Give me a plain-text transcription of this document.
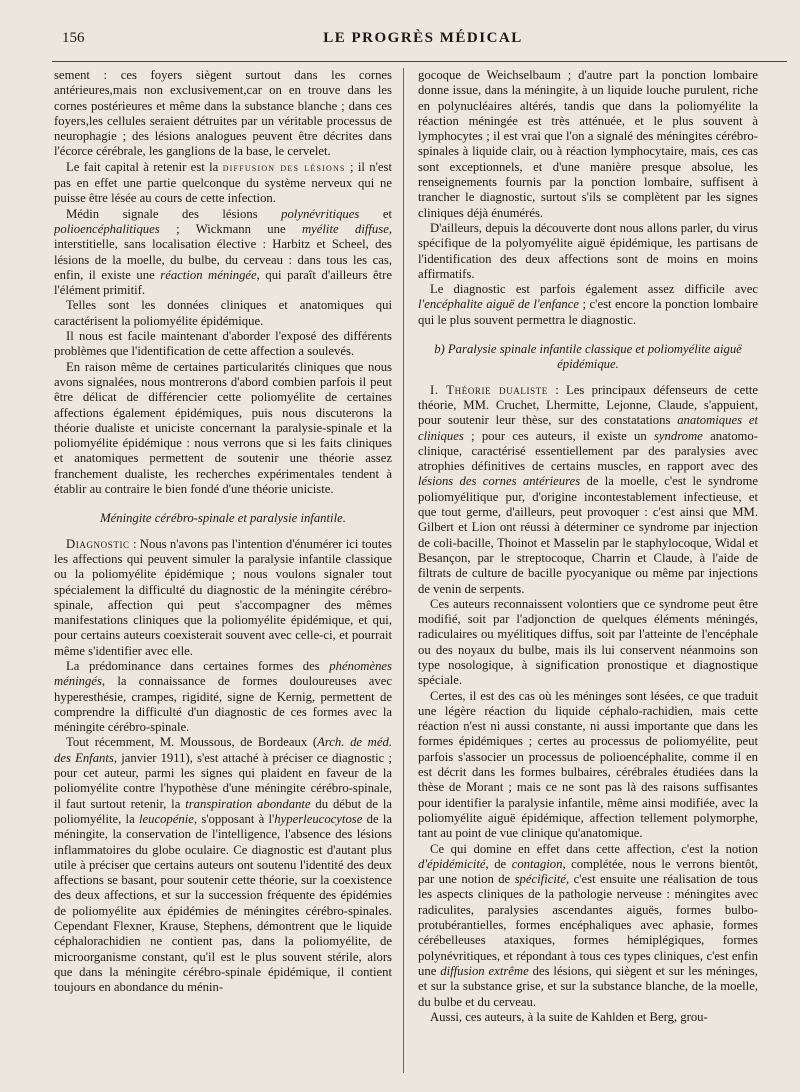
156	LE PROGRÈS MÉDICAL

sement : ces foyers siègent surtout dans les cornes antérieures,mais non exclusivement,car on en trouve dans les cornes postérieures et même dans la substance blanche ; dans ces foyers,les cellules seraient détruites par un véritable processus de neurophagie ; des lésions analogues peuvent être décrites dans l'écorce cérébrale, les ganglions de la base, le cervelet.

Le fait capital à retenir est la diffusion des lésions ; il n'est pas en effet une partie quelconque du système nerveux qui ne puisse être lésée au cours de cette infection.

Médin signale des lésions polynévritiques et polioencéphalitiques ; Wickmann une myélite diffuse, interstitielle, sans localisation élective : Harbitz et Scheel, des lésions de la moelle, du bulbe, du cerveau : dans tous les cas, enfin, il existe une réaction méningée, qui paraît d'ailleurs être l'élément primitif.

Telles sont les données cliniques et anatomiques qui caractérisent la poliomyélite épidémique.

Il nous est facile maintenant d'aborder l'exposé des différents problèmes que l'identification de cette affection a soulevés.

En raison même de certaines particularités cliniques que nous avons signalées, nous montrerons d'abord combien parfois il peut être délicat de différencier cette poliomyélite de certaines affections également épidémiques, puis nous discuterons la théorie dualiste et uniciste concernant la paralysie-spinale et la poliomyélite épidémique : nous verrons que si les faits cliniques et anatomiques permettent de soutenir une théorie assez franchement dualiste, les recherches expérimentales tendent à établir au contraire le bien fondé d'une théorie uniciste.

Méningite cérébro-spinale et paralysie infantile.

Diagnostic : Nous n'avons pas l'intention d'énumérer ici toutes les affections qui peuvent simuler la paralysie infantile classique ou la poliomyélite épidémique ; nous voulons signaler tout spécialement la difficulté du diagnostic de la méningite cérébro-spinale, affection qui peut s'accompagner des mêmes manifestations cliniques que la poliomyélite épidémique, et qui, pour certains auteurs coexisterait souvent avec celle-ci, et pourrait même s'identifier avec elle.

La prédominance dans certaines formes des phénomènes méningés, la connaissance de formes douloureuses avec hyperesthésie, crampes, rigidité, signe de Kernig, permettent de comprendre la difficulté d'un diagnostic de ces formes avec la méningite cérébro-spinale.

Tout récemment, M. Moussous, de Bordeaux (Arch. de méd. des Enfants, janvier 1911), s'est attaché à préciser ce diagnostic ; pour cet auteur, parmi les signes qui plaident en faveur de la poliomyélite contre l'hypothèse d'une méningite cérébro-spinale, il faut surtout retenir, la transpiration abondante du début de la poliomyélite, la leucopénie, s'opposant à l'hyperleucocytose de la méningite, la conservation de l'intelligence, l'absence des lésions inflammatoires du globe oculaire. Ce diagnostic est d'autant plus utile à préciser que certains auteurs ont soutenu l'identité des deux affections se basant, pour soutenir cette théorie, sur la coexistence des deux affections, et sur la succession fréquente des épidémies de poliomyélite aux épidémies de méningites cérébro-spinales. Cependant Flexner, Krause, Stephens, démontrent que le liquide céphalorachidien ne contient pas, dans la poliomyélite, de microorganisme constant, qu'il est le plus souvent stérile, alors que dans la méningite cérébro-spinale épidémique, il contient toujours en abondance du ménin-

gocoque de Weichselbaum ; d'autre part la ponction lombaire donne issue, dans la méningite, à un liquide louche purulent, riche en polynucléaires altérés, tandis que dans la poliomyélite la réaction méningée est très atténuée, et le plus souvent à lymphocytes ; il est vrai que l'on a signalé des méningites cérébro-spinales à liquide clair, ou à réaction lymphocytaire, mais, ces cas sont exceptionnels, et d'une manière presque absolue, les renseignements fournis par la ponction lombaire, suffisent à trancher le diagnostic, surtout s'ils se complètent par les signes cliniques déjà énumérés.

D'ailleurs, depuis la découverte dont nous allons parler, du virus spécifique de la polyomyélite aiguë épidémique, les partisans de l'identification des deux affections sont de moins en moins affirmatifs.

Le diagnostic est parfois également assez difficile avec l'encéphalite aiguë de l'enfance ; c'est encore la ponction lombaire qui le plus souvent permettra le diagnostic.

b) Paralysie spinale infantile classique et poliomyélite aiguë épidémique.

I. Théorie dualiste : Les principaux défenseurs de cette théorie, MM. Cruchet, Lhermitte, Lejonne, Claude, s'appuient, pour soutenir leur thèse, sur des constatations anatomiques et cliniques ; pour ces auteurs, il existe un syndrome anatomo-clinique, caractérisé essentiellement par des paralysies avec atrophies définitives de certains muscles, en rapport avec des lésions des cornes antérieures de la moelle, c'est le syndrome poliomyélitique pur, d'origine incontestablement infectieuse, et que tout germe, d'ailleurs, peut provoquer : c'est ainsi que MM. Gilbert et Lion ont réussi à déterminer ce syndrome par injection de coli-bacille, Thoinot et Masselin par le staphylocoque, Widal et Besançon, par le streptocoque, Charrin et Claude, à l'aide de filtrats de culture de bacille pyocyanique ou même par injections de venin de serpents.

Ces auteurs reconnaissent volontiers que ce syndrome peut être modifié, soit par l'adjonction de quelques éléments méningés, radiculaires ou myélitiques diffus, soit par l'atteinte de l'encéphale ou des noyaux du bulbe, mais ils lui conservent néanmoins son type nosologique, à signification pronostique et diagnostique spéciale.

Certes, il est des cas où les méninges sont lésées, ce que traduit une légère réaction du liquide céphalo-rachidien, mais cette réaction n'est ni aussi constante, ni aussi importante que dans les formes épidémiques ; certes au processus de poliomyélite, peut parfois s'associer un processus de polioencéphalite, comme il en est décrit dans les formes bulbaires, cérébrales étudiées dans la thèse de Morant ; mais ce ne sont pas là des raisons suffisantes pour identifier la paralysie infantile, même ainsi modifiée, avec la poliomyélite aiguë épidémique, affection tellement polymorphe, tant au point de vue clinique qu'anatomique.

Ce qui domine en effet dans cette affection, c'est la notion d'épidémicité, de contagion, complétée, nous le verrons bientôt, par une notion de spécificité, c'est ensuite une réalisation de tous les aspects cliniques de la pathologie nerveuse : méningites avec radiculites, paralysies ascendantes aiguës, formes bulbo-protubérantielles, formes encéphaliques avec aphasie, formes cérébelleuses ataxiques, formes hémiplégiques, formes polynévritiques, et répondant à tous ces types cliniques, c'est enfin une diffusion extrême des lésions, qui siègent et sur les méninges, et sur la substance grise, et sur la substance blanche, de la moelle, du bulbe et du cerveau.

Aussi, ces auteurs, à la suite de Kahlden et Berg, grou-
